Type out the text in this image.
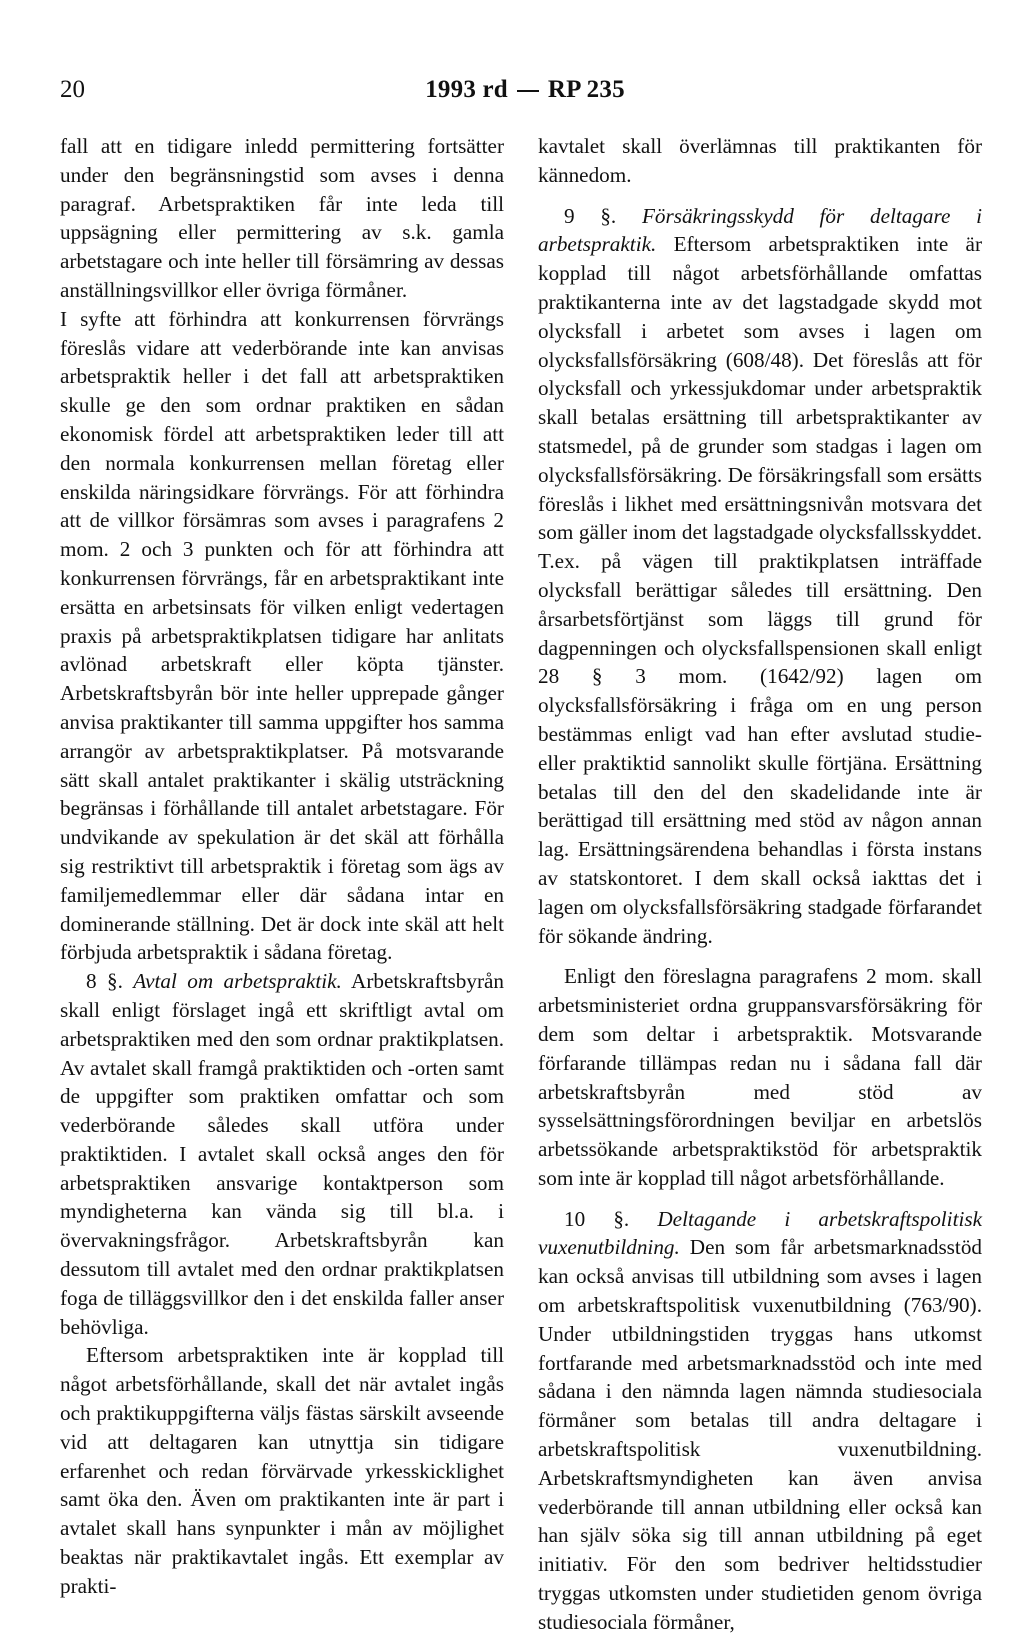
20	1993 rd RP 235

fall att en tidigare inledd permittering fortsätter under den begränsningstid som avses i denna paragraf. Arbetspraktiken får inte leda till uppsägning eller permittering av s.k. gamla arbetstagare och inte heller till försämring av dessas anställningsvillkor eller övriga förmåner.

I syfte att förhindra att konkurrensen förvrängs föreslås vidare att vederbörande inte kan anvisas arbetspraktik heller i det fall att arbetspraktiken skulle ge den som ordnar praktiken en sådan ekonomisk fördel att arbetspraktiken leder till att den normala konkurrensen mellan företag eller enskilda näringsidkare förvrängs. För att förhindra att de villkor försämras som avses i paragrafens 2 mom. 2 och 3 punkten och för att förhindra att konkurrensen förvrängs, får en arbetspraktikant inte ersätta en arbetsinsats för vilken enligt vedertagen praxis på arbetspraktikplatsen tidigare har anlitats avlönad arbetskraft eller köpta tjänster. Arbetskraftsbyrån bör inte heller upprepade gånger anvisa praktikanter till samma uppgifter hos samma arrangör av arbetspraktikplatser. På motsvarande sätt skall antalet praktikanter i skälig utsträckning begränsas i förhållande till antalet arbetstagare. För undvikande av spekulation är det skäl att förhålla sig restriktivt till arbetspraktik i företag som ägs av familjemedlemmar eller där sådana intar en dominerande ställning. Det är dock inte skäl att helt förbjuda arbetspraktik i sådana företag.

8 §. Avtal om arbetspraktik. Arbetskraftsbyrån skall enligt förslaget ingå ett skriftligt avtal om arbetspraktiken med den som ordnar praktikplatsen. Av avtalet skall framgå praktiktiden och -orten samt de uppgifter som praktiken omfattar och som vederbörande således skall utföra under praktiktiden. I avtalet skall också anges den för arbetspraktiken ansvarige kontaktperson som myndigheterna kan vända sig till bl.a. i övervakningsfrågor. Arbetskraftsbyrån kan dessutom till avtalet med den ordnar praktikplatsen foga de tilläggsvillkor den i det enskilda faller anser behövliga.

Eftersom arbetspraktiken inte är kopplad till något arbetsförhållande, skall det när avtalet ingås och praktikuppgifterna väljs fästas särskilt avseende vid att deltagaren kan utnyttja sin tidigare erfarenhet och redan förvärvade yrkesskicklighet samt öka den. Även om praktikanten inte är part i avtalet skall hans synpunkter i mån av möjlighet beaktas när praktikavtalet ingås. Ett exemplar av prakti-

kavtalet skall överlämnas till praktikanten för kännedom.

9 §. Försäkringsskydd för deltagare i arbetspraktik. Eftersom arbetspraktiken inte är kopplad till något arbetsförhållande omfattas praktikanterna inte av det lagstadgade skydd mot olycksfall i arbetet som avses i lagen om olycksfallsförsäkring (608/48). Det föreslås att för olycksfall och yrkessjukdomar under arbetspraktik skall betalas ersättning till arbetspraktikanter av statsmedel, på de grunder som stadgas i lagen om olycksfallsförsäkring. De försäkringsfall som ersätts föreslås i likhet med ersättningsnivån motsvara det som gäller inom det lagstadgade olycksfallsskyddet. T.ex. på vägen till praktikplatsen inträffade olycksfall berättigar således till ersättning. Den årsarbetsförtjänst som läggs till grund för dagpenningen och olycksfallspensionen skall enligt 28 § 3 mom. (1642/92) lagen om olycksfallsförsäkring i fråga om en ung person bestämmas enligt vad han efter avslutad studie- eller praktiktid sannolikt skulle förtjäna. Ersättning betalas till den del den skadelidande inte är berättigad till ersättning med stöd av någon annan lag. Ersättningsärendena behandlas i första instans av statskontoret. I dem skall också iakttas det i lagen om olycksfallsförsäkring stadgade förfarandet för sökande ändring.

Enligt den föreslagna paragrafens 2 mom. skall arbetsministeriet ordna gruppansvarsförsäkring för dem som deltar i arbetspraktik. Motsvarande förfarande tillämpas redan nu i sådana fall där arbetskraftsbyrån med stöd av sysselsättningsförordningen beviljar en arbetslös arbetssökande arbetspraktikstöd för arbetspraktik som inte är kopplad till något arbetsförhållande.

10 §. Deltagande i arbetskraftspolitisk vuxenutbildning. Den som får arbetsmarknadsstöd kan också anvisas till utbildning som avses i lagen om arbetskraftspolitisk vuxenutbildning (763/90). Under utbildningstiden tryggas hans utkomst fortfarande med arbetsmarknadsstöd och inte med sådana i den nämnda lagen nämnda studiesociala förmåner som betalas till andra deltagare i arbetskraftspolitisk vuxenutbildning. Arbetskraftsmyndigheten kan även anvisa vederbörande till annan utbildning eller också kan han själv söka sig till annan utbildning på eget initiativ. För den som bedriver heltidsstudier tryggas utkomsten under studietiden genom övriga studiesociala förmåner,
